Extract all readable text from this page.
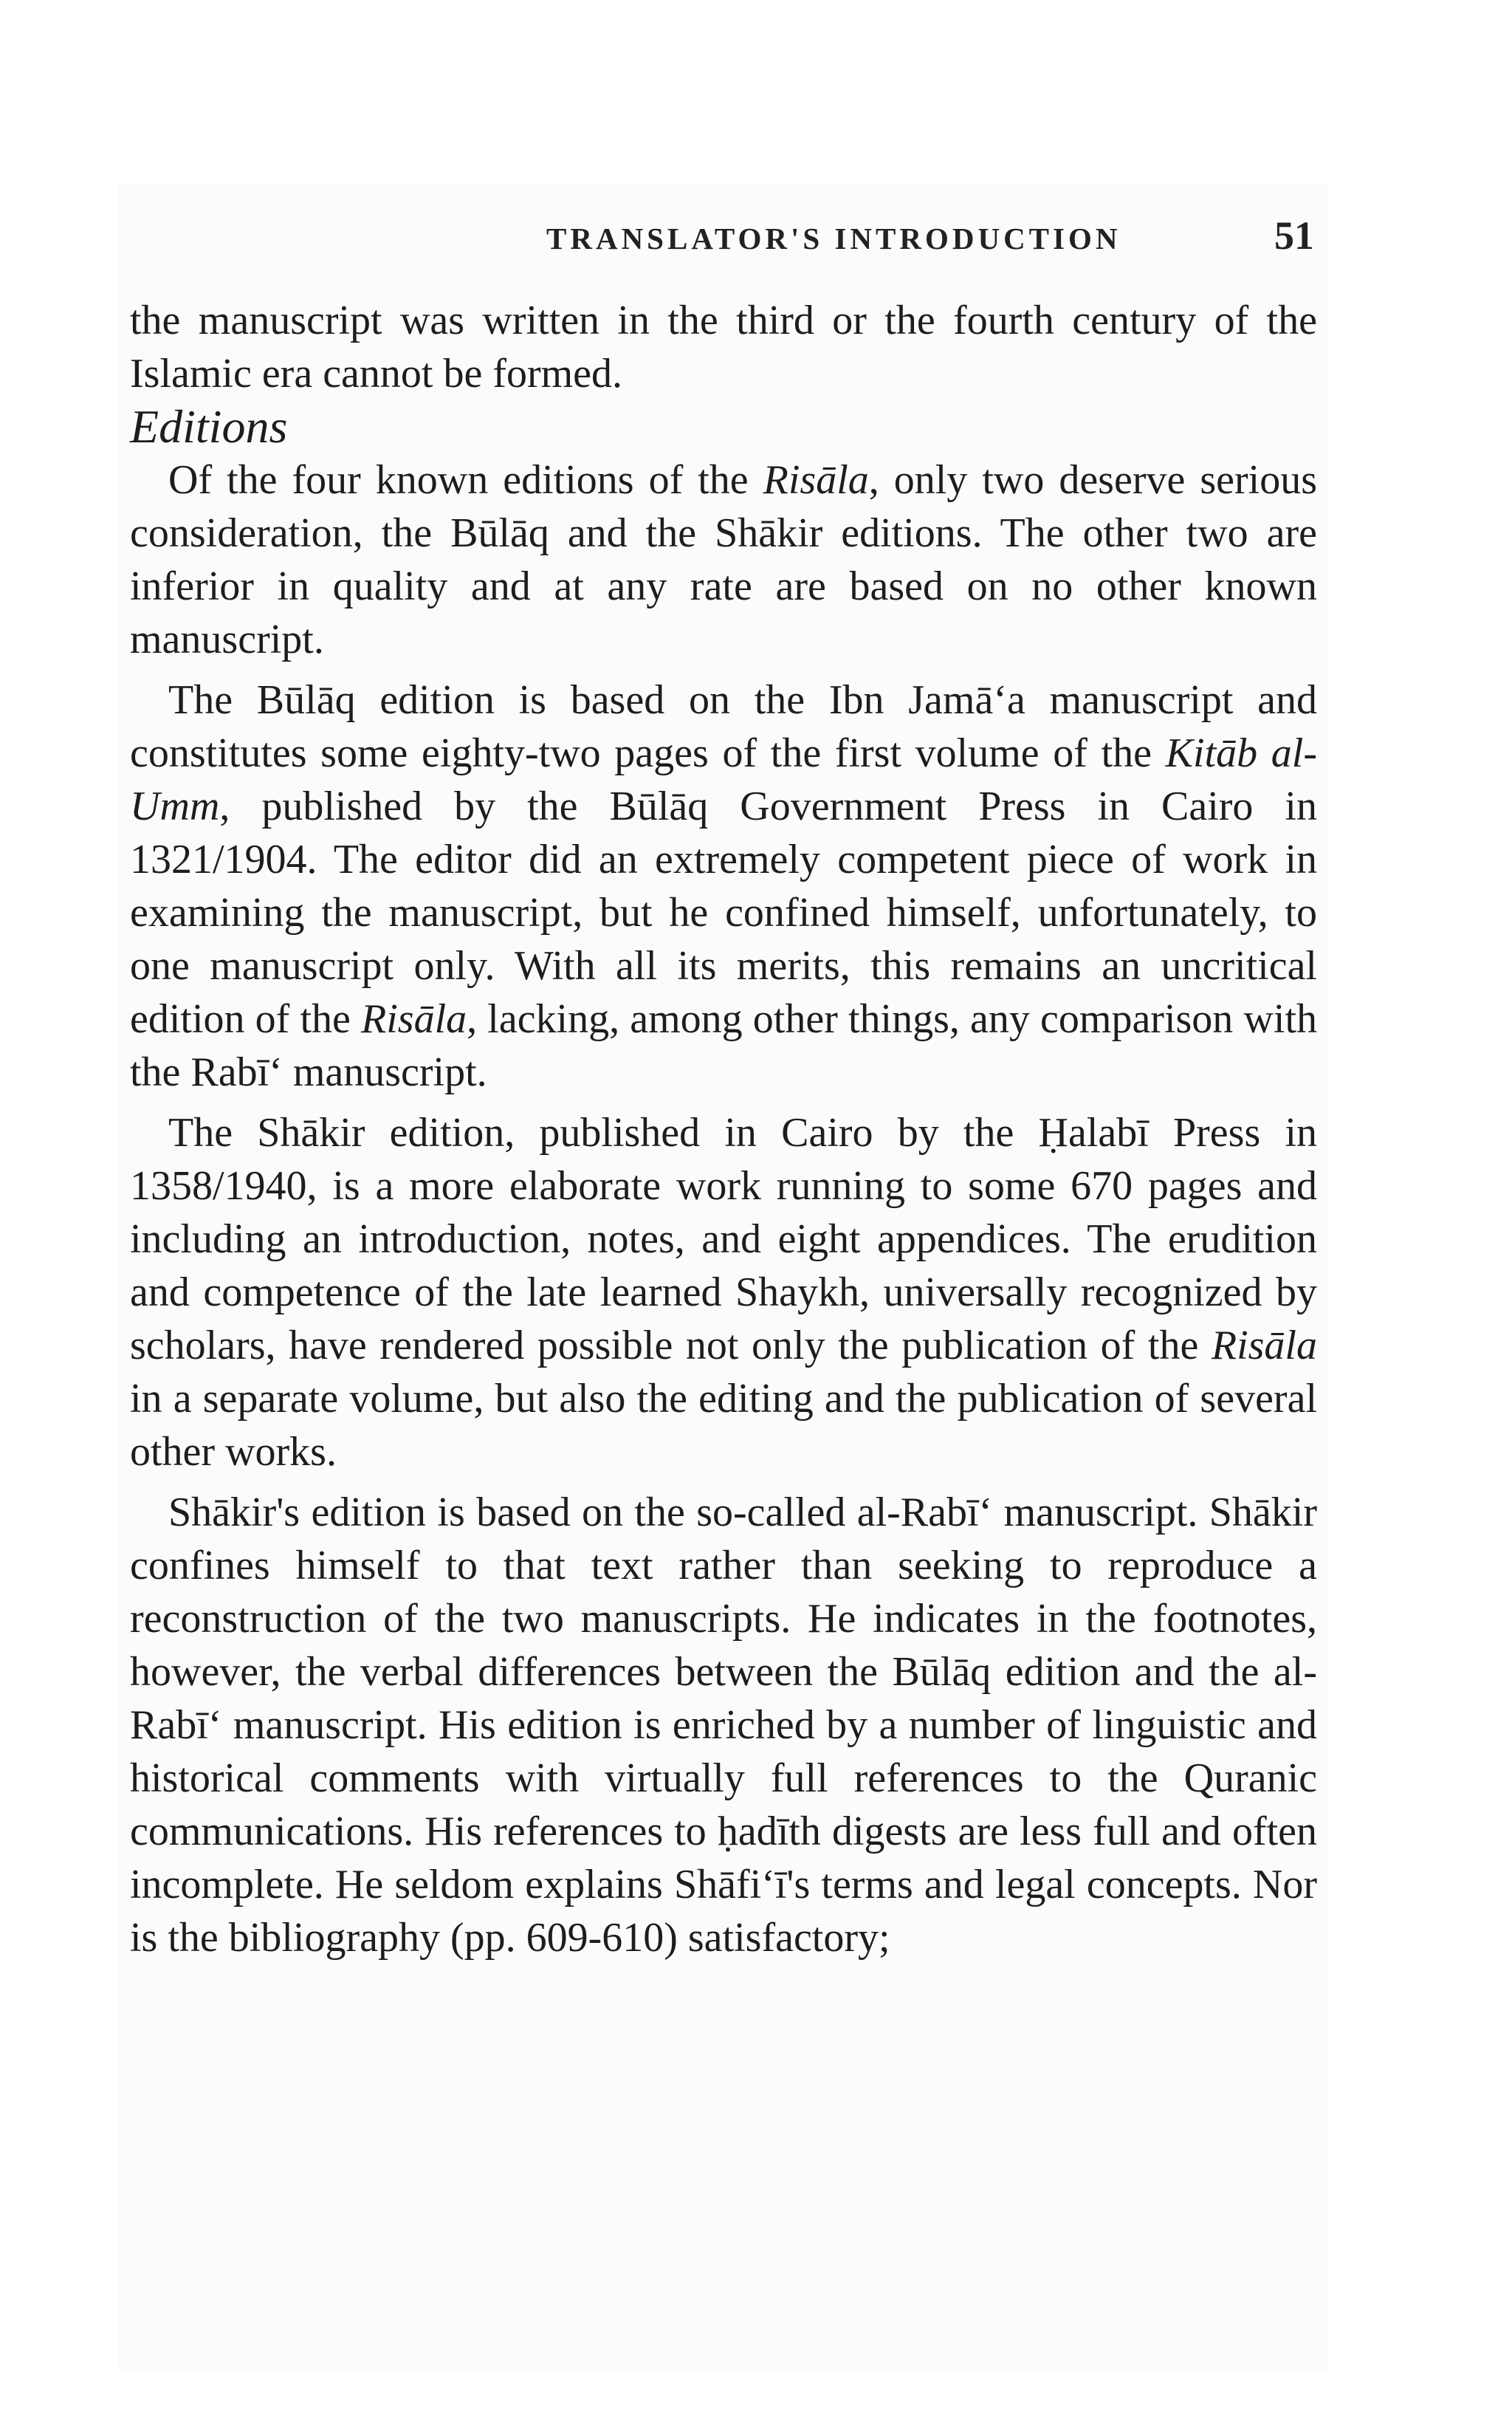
TRANSLATOR'S INTRODUCTION	51

the manuscript was written in the third or the fourth century of the Islamic era cannot be formed.

Editions

Of the four known editions of the Risāla, only two deserve serious consideration, the Būlāq and the Shākir editions. The other two are inferior in quality and at any rate are based on no other known manuscript.

The Būlāq edition is based on the Ibn Jamā‘a manuscript and constitutes some eighty-two pages of the first volume of the Kitāb al-Umm, published by the Būlāq Government Press in Cairo in 1321/1904. The editor did an extremely competent piece of work in examining the manuscript, but he confined himself, unfortunately, to one manuscript only. With all its merits, this remains an uncritical edition of the Risāla, lacking, among other things, any comparison with the Rabī‘ manuscript.

The Shākir edition, published in Cairo by the Ḥalabī Press in 1358/1940, is a more elaborate work running to some 670 pages and including an introduction, notes, and eight appendices. The erudition and competence of the late learned Shaykh, universally recognized by scholars, have rendered possible not only the publication of the Risāla in a separate volume, but also the editing and the publication of several other works.

Shākir's edition is based on the so-called al-Rabī‘ manuscript. Shākir confines himself to that text rather than seeking to reproduce a reconstruction of the two manuscripts. He indicates in the footnotes, however, the verbal differences between the Būlāq edition and the al-Rabī‘ manuscript. His edition is enriched by a number of linguistic and historical comments with virtually full references to the Quranic communications. His references to ḥadīth digests are less full and often incomplete. He seldom explains Shāfi‘ī's terms and legal concepts. Nor is the bibliography (pp. 609-610) satisfactory;
